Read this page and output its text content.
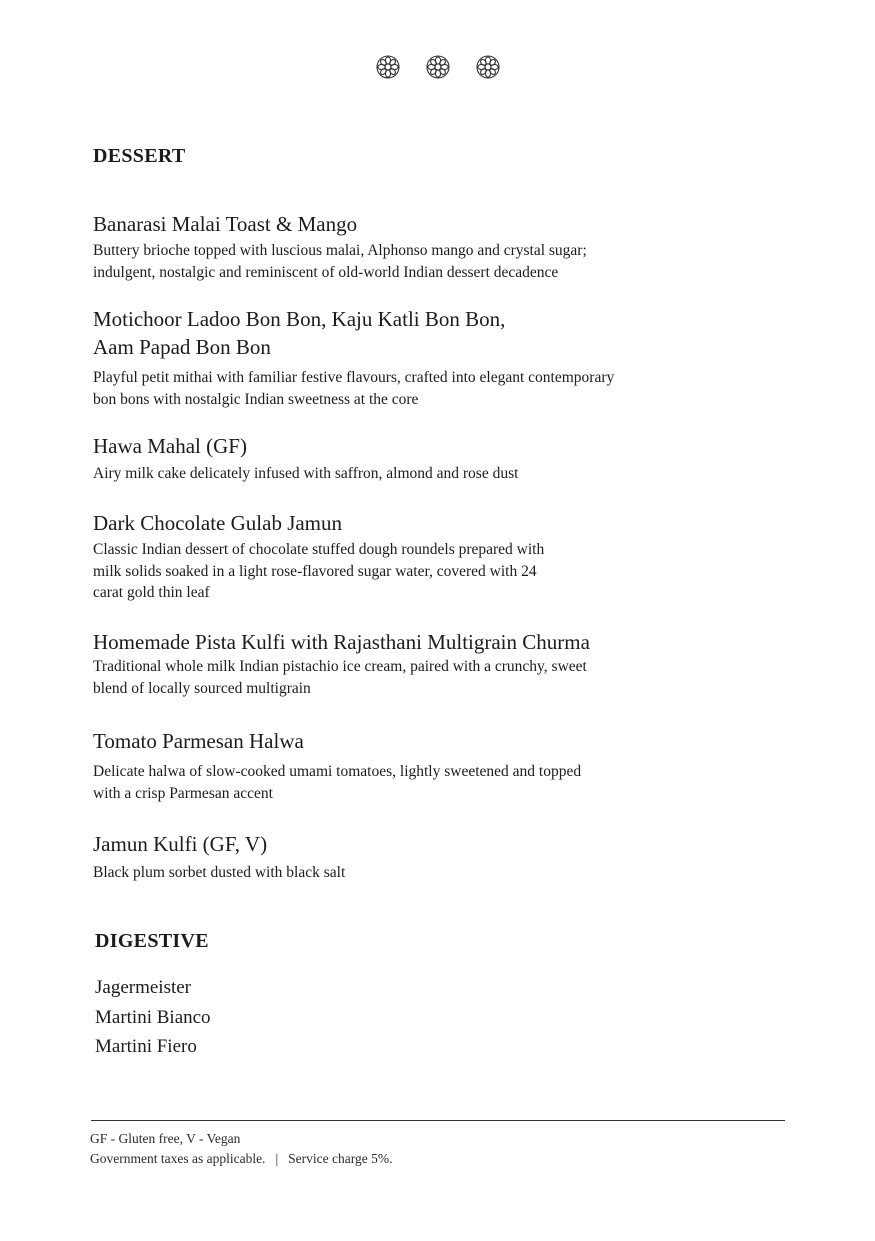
DESSERT

Banarasi Malai Toast & Mango

Buttery brioche topped with luscious malai, Alphonso mango and crystal sugar;
indulgent, nostalgic and reminiscent of old-world Indian dessert decadence

Motichoor Ladoo Bon Bon, Kaju Katli Bon Bon,
Aam Papad Bon Bon

Playful petit mithai with familiar festive flavours, crafted into elegant contemporary
bon bons with nostalgic Indian sweetness at the core

Hawa Mahal (GF)

Airy milk cake delicately infused with saffron, almond and rose dust

Dark Chocolate Gulab Jamun

Classic Indian dessert of chocolate stuffed dough roundels prepared with
milk solids soaked in a light rose-flavored sugar water, covered with 24
carat gold thin leaf

Homemade Pista Kulfi with Rajasthani Multigrain Churma

Traditional whole milk Indian pistachio ice cream, paired with a crunchy, sweet
blend of locally sourced multigrain

Tomato Parmesan Halwa

Delicate halwa of slow-cooked umami tomatoes, lightly sweetened and topped
with a crisp Parmesan accent

Jamun Kulfi (GF, V)

Black plum sorbet dusted with black salt

DIGESTIVE

Jagermeister

Martini Bianco

Martini Fiero

GF - Gluten free, V - Vegan

Government taxes as applicable. | Service charge 5%.
